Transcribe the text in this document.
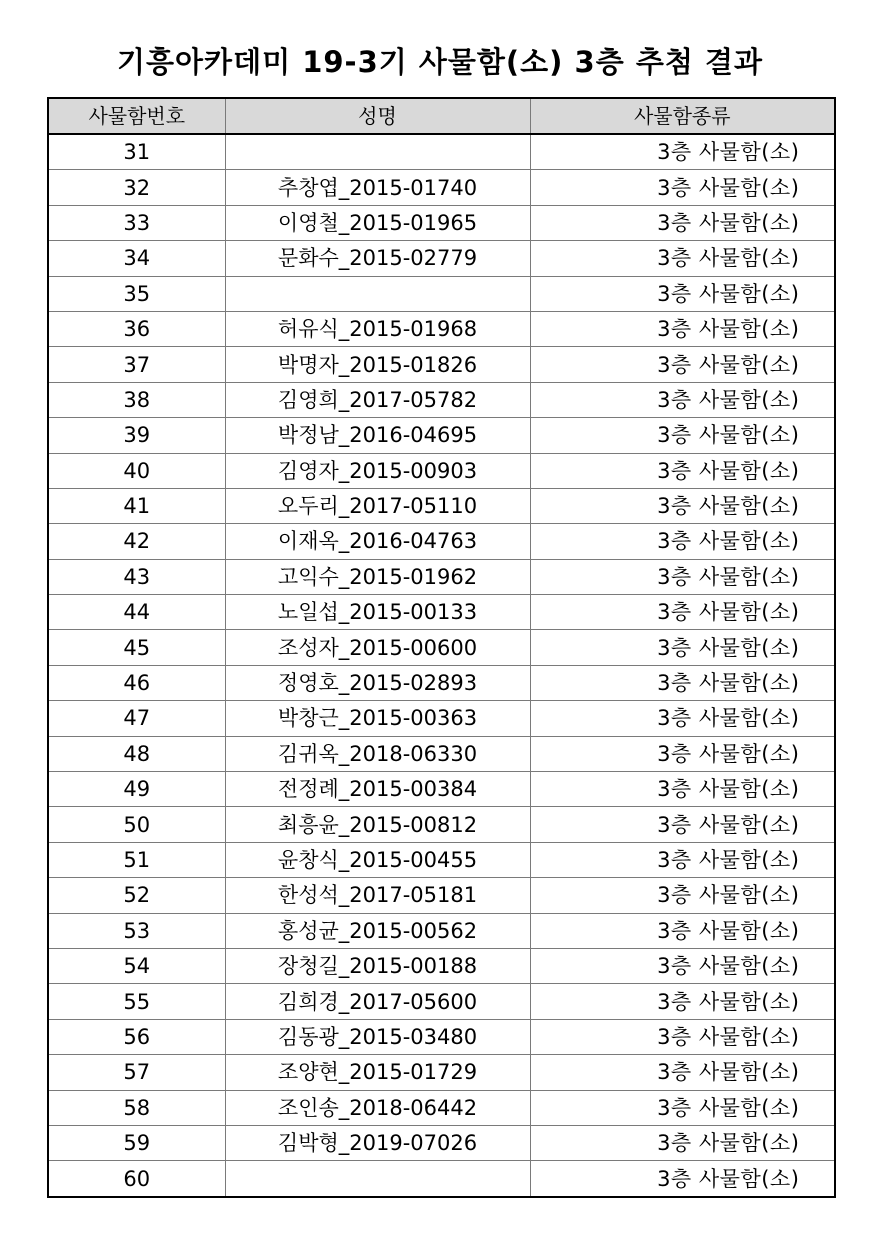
기흥아카데미 19-3기 사물함(소) 3층 추첨 결과
사물함번호	성명	사물함종류
31		3층 사물함(소)
32	추창엽_2015-01740	3층 사물함(소)
33	이영철_2015-01965	3층 사물함(소)
34	문화수_2015-02779	3층 사물함(소)
35		3층 사물함(소)
36	허유식_2015-01968	3층 사물함(소)
37	박명자_2015-01826	3층 사물함(소)
38	김영희_2017-05782	3층 사물함(소)
39	박정남_2016-04695	3층 사물함(소)
40	김영자_2015-00903	3층 사물함(소)
41	오두리_2017-05110	3층 사물함(소)
42	이재옥_2016-04763	3층 사물함(소)
43	고익수_2015-01962	3층 사물함(소)
44	노일섭_2015-00133	3층 사물함(소)
45	조성자_2015-00600	3층 사물함(소)
46	정영호_2015-02893	3층 사물함(소)
47	박창근_2015-00363	3층 사물함(소)
48	김귀옥_2018-06330	3층 사물함(소)
49	전정례_2015-00384	3층 사물함(소)
50	최흥윤_2015-00812	3층 사물함(소)
51	윤창식_2015-00455	3층 사물함(소)
52	한성석_2017-05181	3층 사물함(소)
53	홍성균_2015-00562	3층 사물함(소)
54	장청길_2015-00188	3층 사물함(소)
55	김희경_2017-05600	3층 사물함(소)
56	김동광_2015-03480	3층 사물함(소)
57	조양현_2015-01729	3층 사물함(소)
58	조인송_2018-06442	3층 사물함(소)
59	김박형_2019-07026	3층 사물함(소)
60		3층 사물함(소)
